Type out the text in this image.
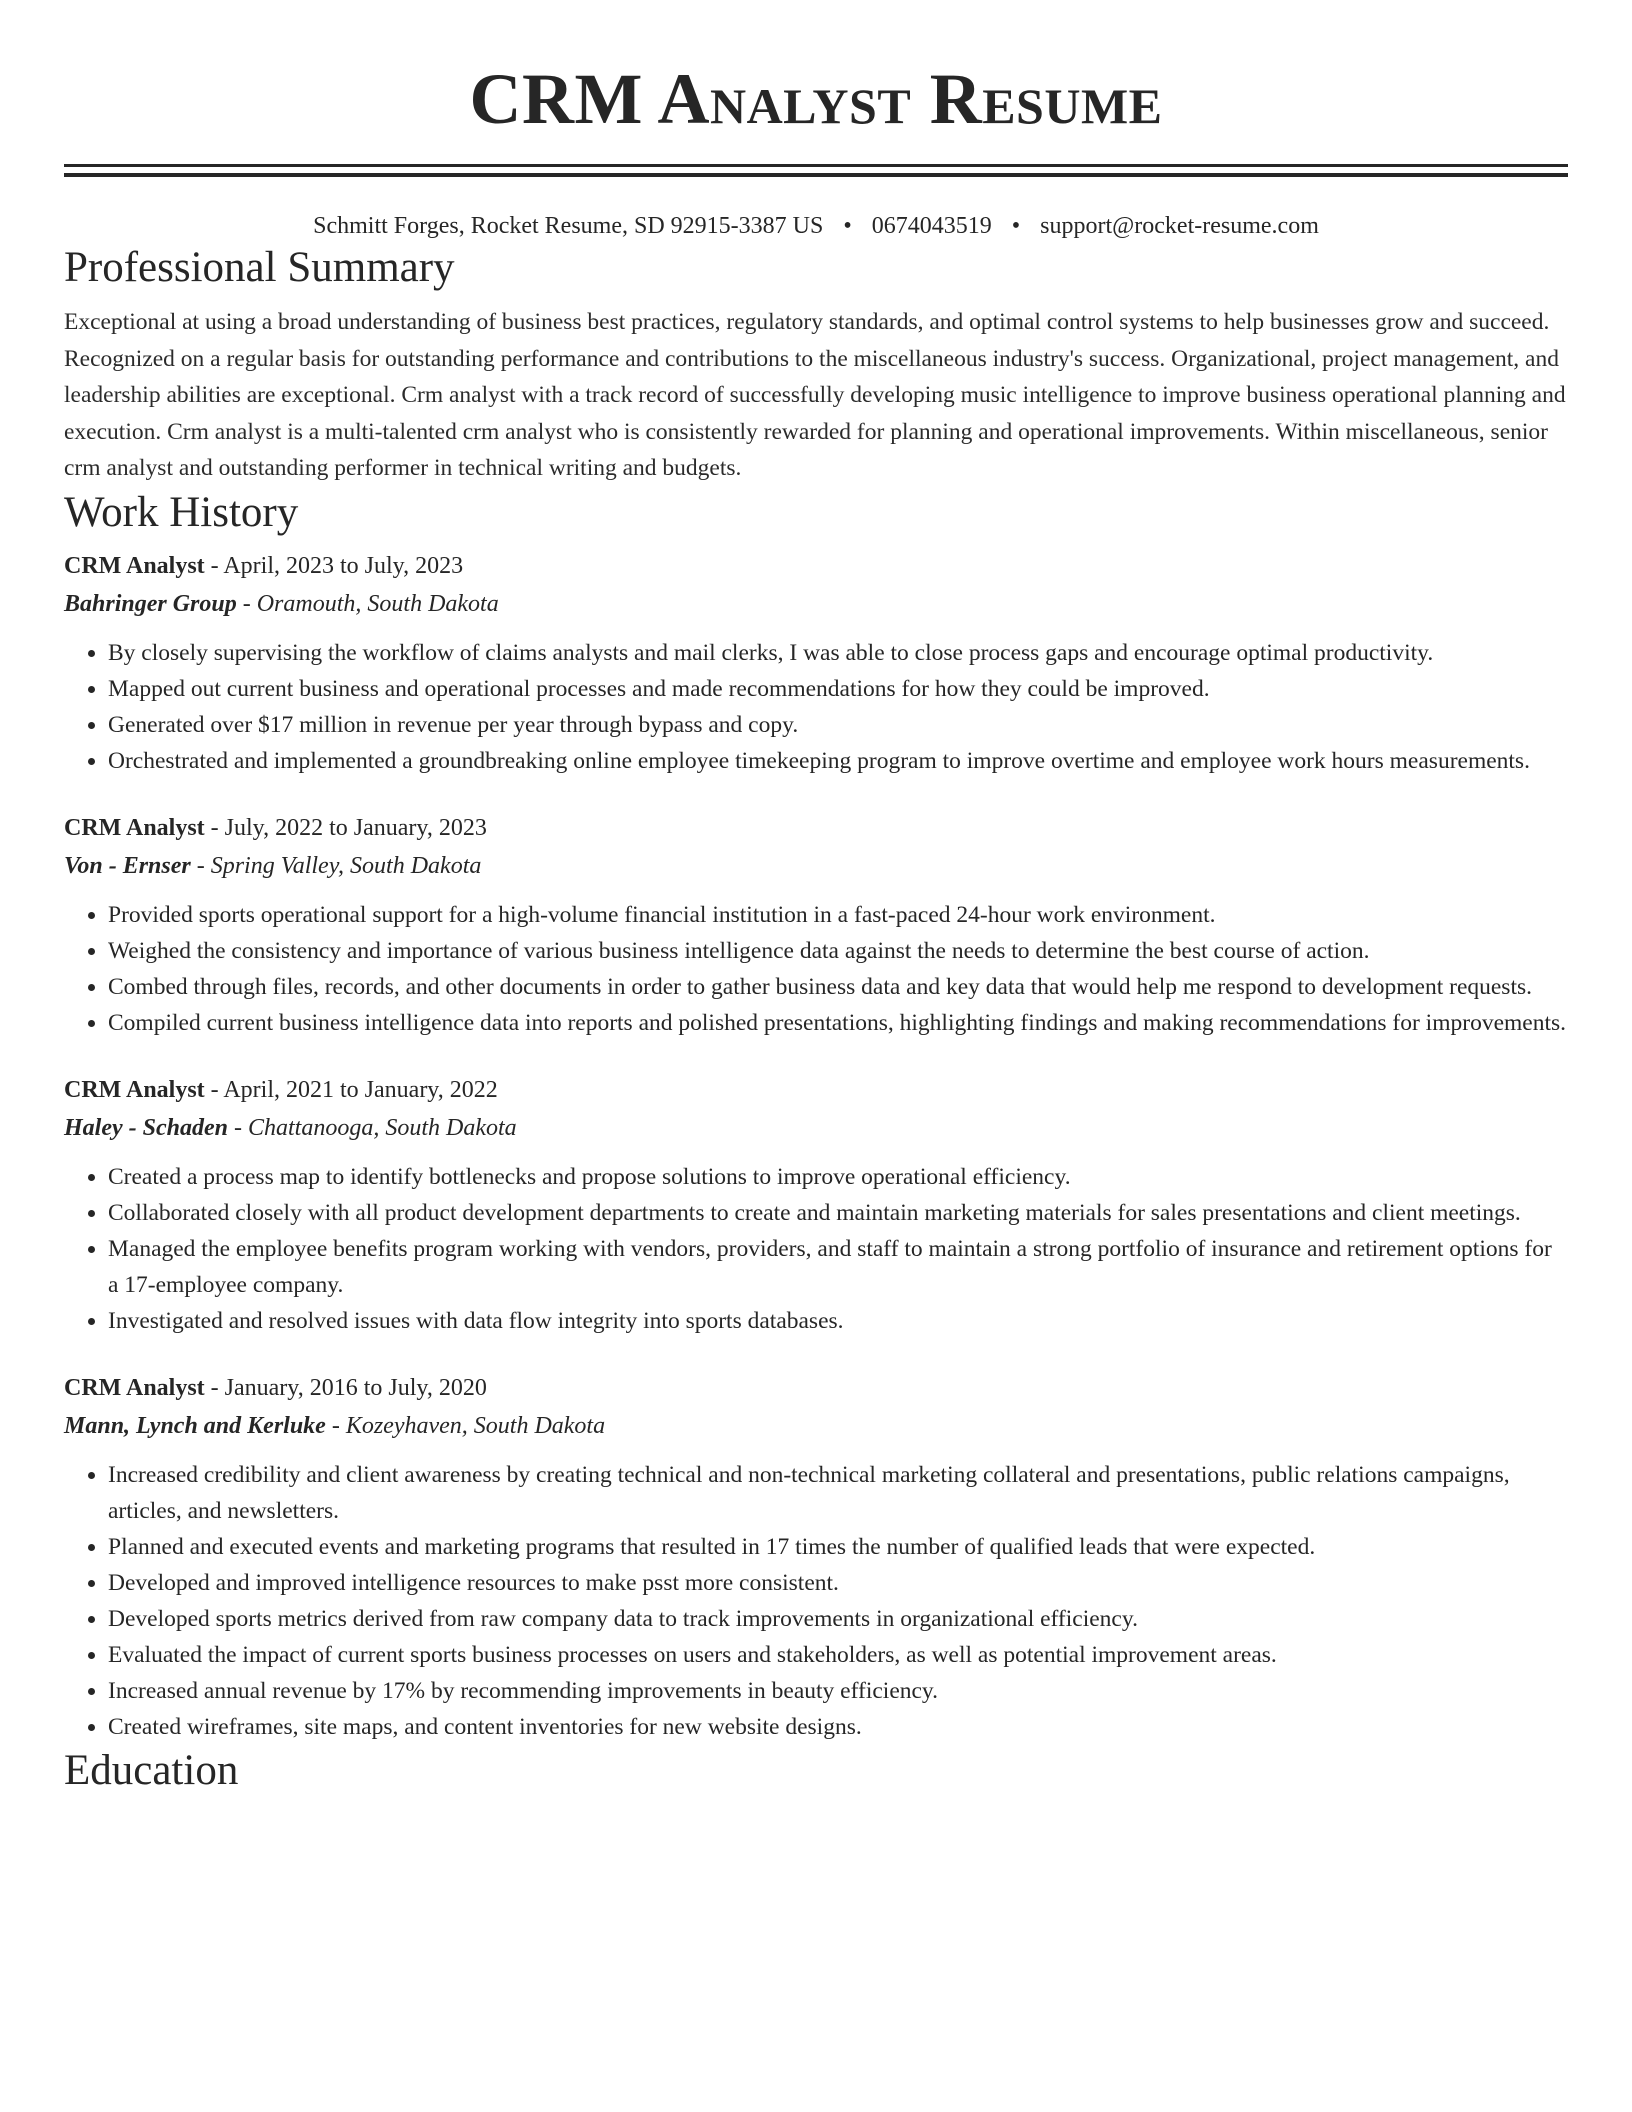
CRM Analyst Resume
Schmitt Forges, Rocket Resume, SD 92915-3387 US • 0674043519 • support@rocket-resume.com
Professional Summary

Exceptional at using a broad understanding of business best practices, regulatory standards, and optimal control systems to help businesses grow and succeed. Recognized on a regular basis for outstanding performance and contributions to the miscellaneous industry's success. Organizational, project management, and leadership abilities are exceptional. Crm analyst with a track record of successfully developing music intelligence to improve business operational planning and execution. Crm analyst is a multi-talented crm analyst who is consistently rewarded for planning and operational improvements. Within miscellaneous, senior crm analyst and outstanding performer in technical writing and budgets.

Work History
CRM Analyst - April, 2023 to July, 2023
Bahringer Group - Oramouth, South Dakota
• By closely supervising the workflow of claims analysts and mail clerks, I was able to close process gaps and encourage optimal productivity.
• Mapped out current business and operational processes and made recommendations for how they could be improved.
• Generated over $17 million in revenue per year through bypass and copy.
• Orchestrated and implemented a groundbreaking online employee timekeeping program to improve overtime and employee work hours measurements.
CRM Analyst - July, 2022 to January, 2023
Von - Ernser - Spring Valley, South Dakota
• Provided sports operational support for a high-volume financial institution in a fast-paced 24-hour work environment.
• Weighed the consistency and importance of various business intelligence data against the needs to determine the best course of action.
• Combed through files, records, and other documents in order to gather business data and key data that would help me respond to development requests.
• Compiled current business intelligence data into reports and polished presentations, highlighting findings and making recommendations for improvements.
CRM Analyst - April, 2021 to January, 2022
Haley - Schaden - Chattanooga, South Dakota
• Created a process map to identify bottlenecks and propose solutions to improve operational efficiency.
• Collaborated closely with all product development departments to create and maintain marketing materials for sales presentations and client meetings.
• Managed the employee benefits program working with vendors, providers, and staff to maintain a strong portfolio of insurance and retirement options for a 17-employee company.
• Investigated and resolved issues with data flow integrity into sports databases.
CRM Analyst - January, 2016 to July, 2020
Mann, Lynch and Kerluke - Kozeyhaven, South Dakota
• Increased credibility and client awareness by creating technical and non-technical marketing collateral and presentations, public relations campaigns, articles, and newsletters.
• Planned and executed events and marketing programs that resulted in 17 times the number of qualified leads that were expected.
• Developed and improved intelligence resources to make psst more consistent.
• Developed sports metrics derived from raw company data to track improvements in organizational efficiency.
• Evaluated the impact of current sports business processes on users and stakeholders, as well as potential improvement areas.
• Increased annual revenue by 17% by recommending improvements in beauty efficiency.
• Created wireframes, site maps, and content inventories for new website designs.
Education
